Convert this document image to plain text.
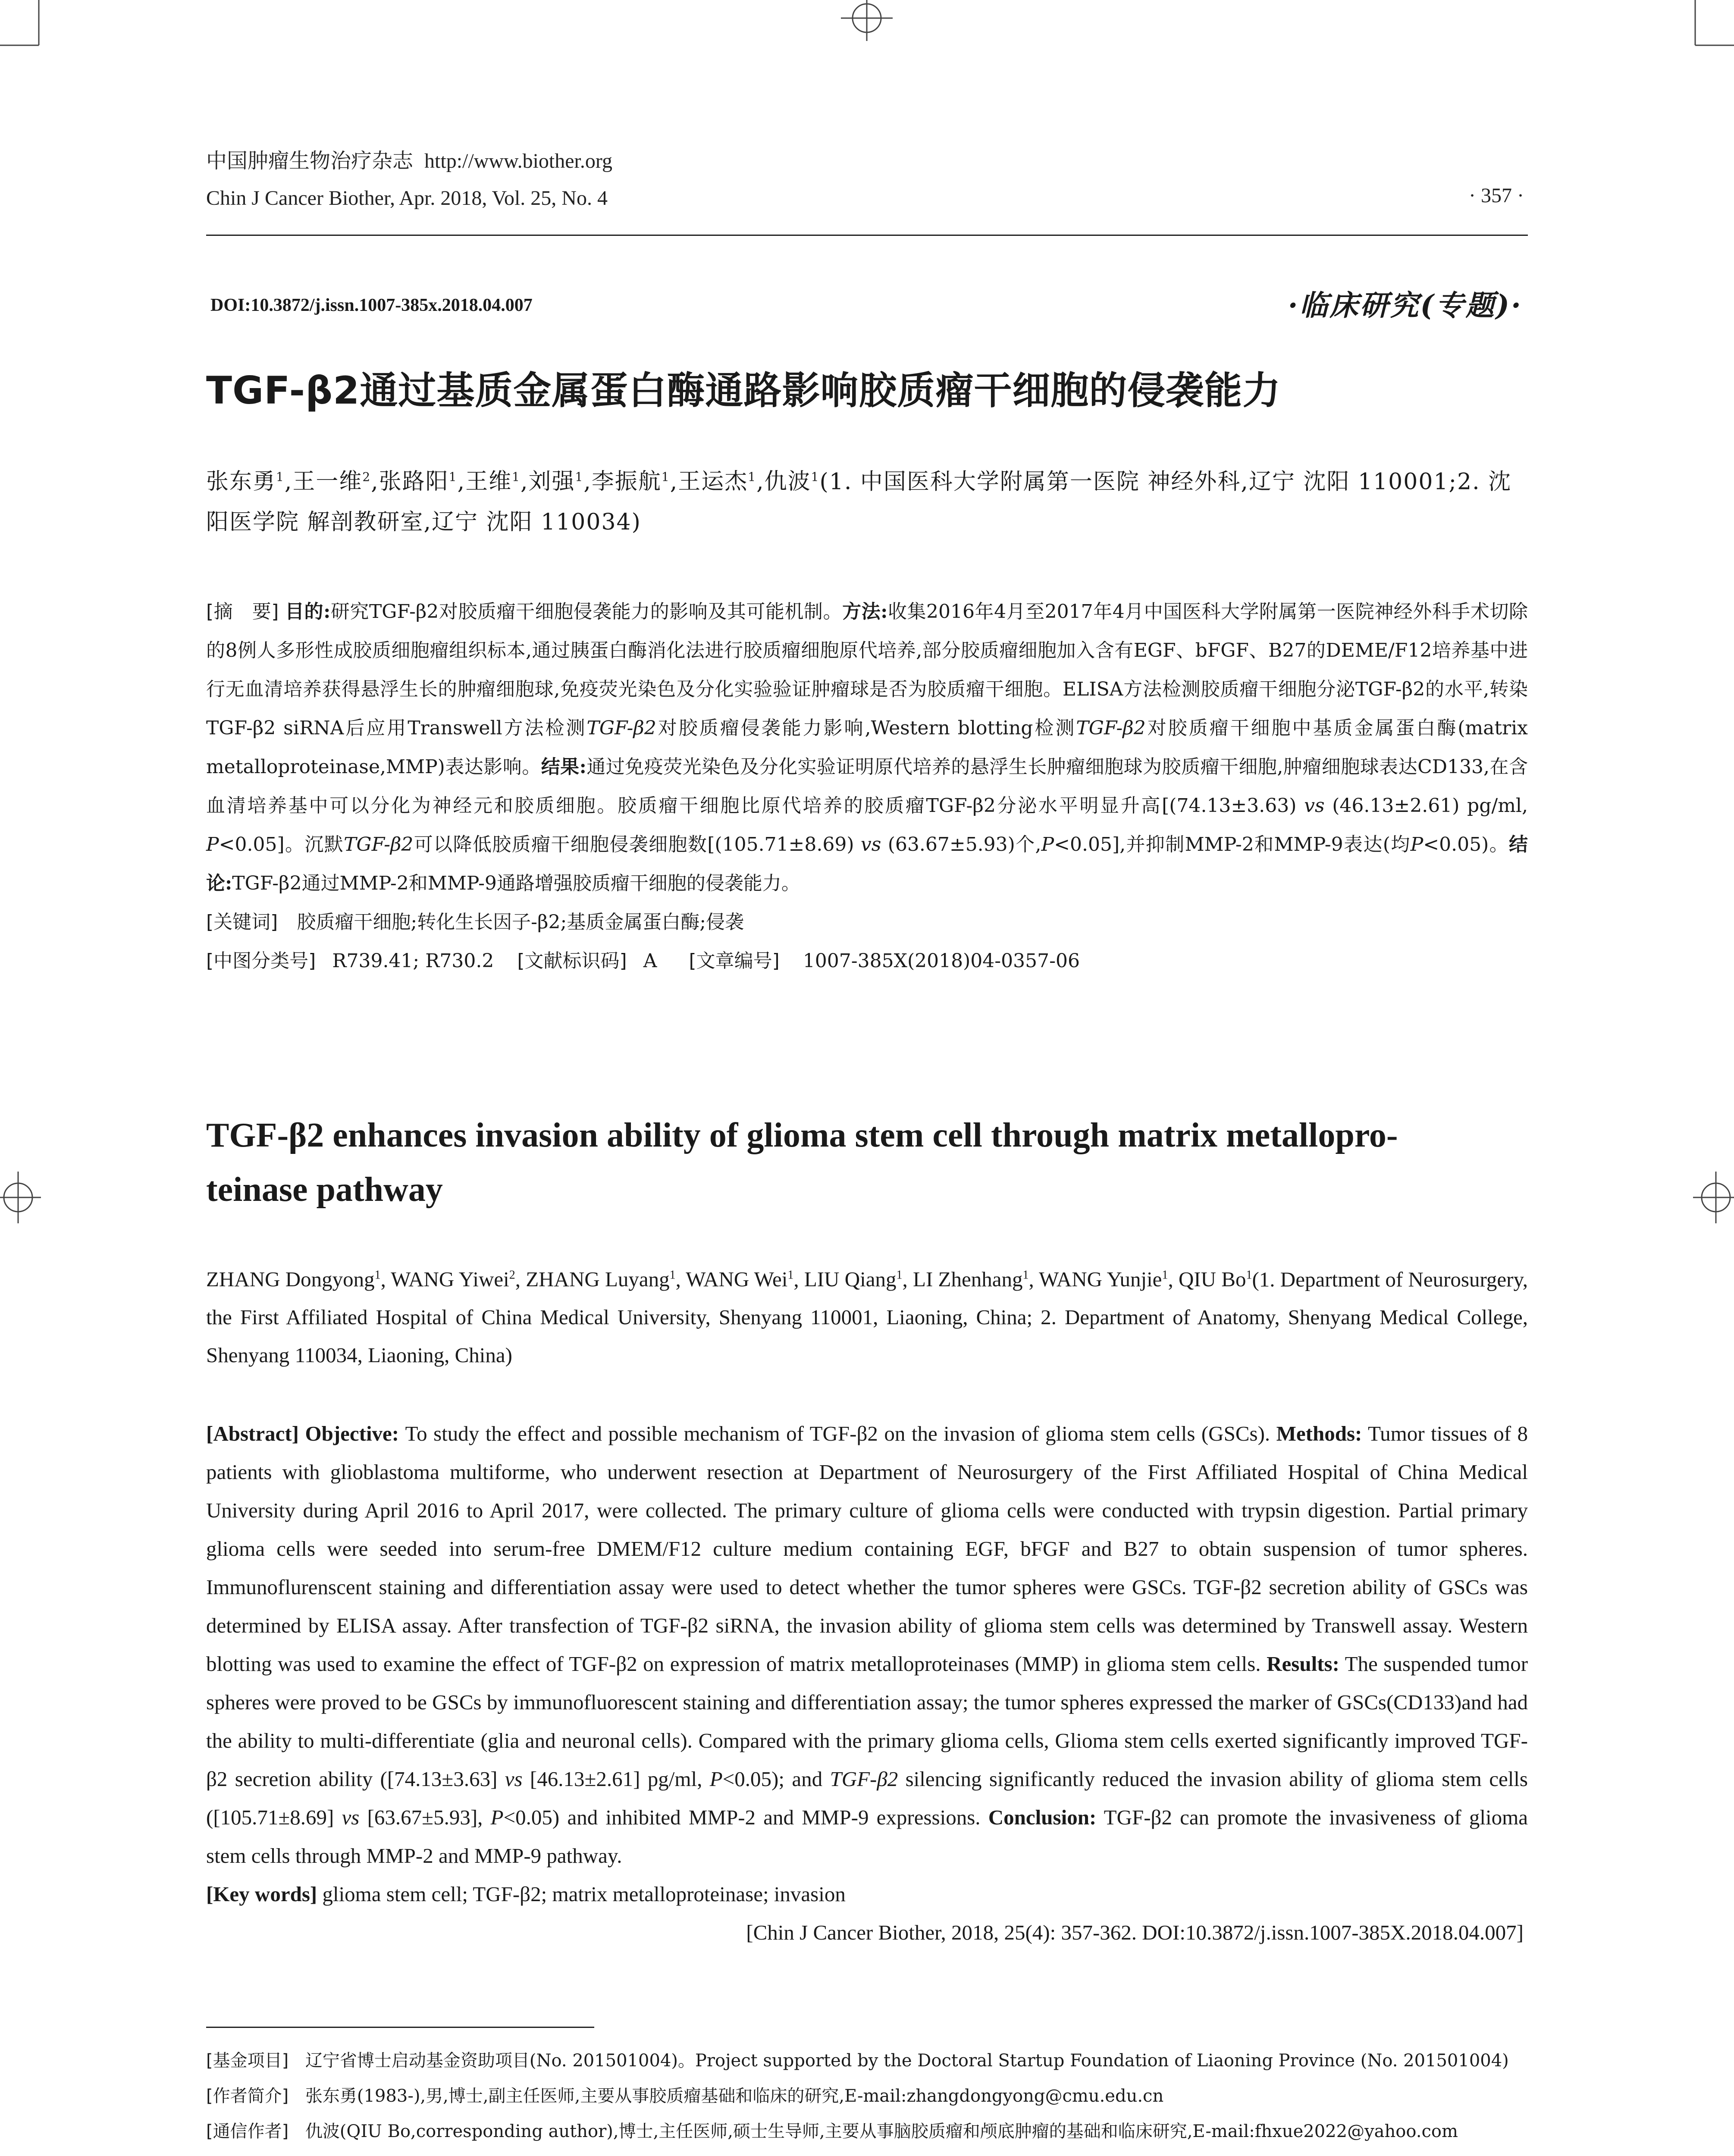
中国肿瘤生物治疗杂志 http://www.biother.org
Chin J Cancer Biother, Apr. 2018, Vol. 25, No. 4	· 357 ·
DOI:10.3872/j.issn.1007-385x.2018.04.007	·临床研究(专题)·
TGF-β2通过基质金属蛋白酶通路影响胶质瘤干细胞的侵袭能力
张东勇$^1$,王一维$^2$,张路阳$^1$,王维$^1$,刘强$^1$,李振航$^1$,王运杰$^1$,仇波$^1$(1. 中国医科大学附属第一医院 神经外科,辽宁 沈阳 110001;2. 沈阳医学院 解剖教研室,辽宁 沈阳 110034)
[摘　要] 目的:研究TGF-β2对胶质瘤干细胞侵袭能力的影响及其可能机制。方法:收集2016年4月至2017年4月中国医科大学附属第一医院神经外科手术切除的8例人多形性成胶质细胞瘤组织标本,通过胰蛋白酶消化法进行胶质瘤细胞原代培养,部分胶质瘤细胞加入含有EGF、bFGF、B27的DEME/F12培养基中进行无血清培养获得悬浮生长的肿瘤细胞球,免疫荧光染色及分化实验验证肿瘤球是否为胶质瘤干细胞。ELISA方法检测胶质瘤干细胞分泌TGF-β2的水平,转染TGF-β2 siRNA后应用Transwell方法检测TGF-β2对胶质瘤侵袭能力影响,Western blotting检测TGF-β2对胶质瘤干细胞中基质金属蛋白酶(matrix metalloproteinase,MMP)表达影响。结果:通过免疫荧光染色及分化实验证明原代培养的悬浮生长肿瘤细胞球为胶质瘤干细胞,肿瘤细胞球表达CD133,在含血清培养基中可以分化为神经元和胶质细胞。胶质瘤干细胞比原代培养的胶质瘤TGF-β2分泌水平明显升高[(74.13±3.63) vs (46.13±2.61) pg/ml, P<0.05]。沉默TGF-β2可以降低胶质瘤干细胞侵袭细胞数[(105.71±8.69) vs (63.67±5.93)个,P<0.05],并抑制MMP-2和MMP-9表达(均P<0.05)。结论:TGF-β2通过MMP-2和MMP-9通路增强胶质瘤干细胞的侵袭能力。
[关键词] 胶质瘤干细胞;转化生长因子-β2;基质金属蛋白酶;侵袭
[中图分类号] R739.41; R730.2 [文献标识码] A [文章编号] 1007-385X(2018)04-0357-06
TGF-β2 enhances invasion ability of glioma stem cell through matrix metallopro-
teinase pathway
ZHANG Dongyong$^1$, WANG Yiwei$^2$, ZHANG Luyang$^1$, WANG Wei$^1$, LIU Qiang$^1$, LI Zhenhang$^1$, WANG Yunjie$^1$, QIU Bo$^1$(1. Department of Neurosurgery, the First Affiliated Hospital of China Medical University, Shenyang 110001, Liaoning, China; 2. Department of Anatomy, Shenyang Medical College, Shenyang 110034, Liaoning, China)
[Abstract] Objective: To study the effect and possible mechanism of TGF-β2 on the invasion of glioma stem cells (GSCs). Methods: Tumor tissues of 8 patients with glioblastoma multiforme, who underwent resection at Department of Neurosurgery of the First Affiliated Hospital of China Medical University during April 2016 to April 2017, were collected. The primary culture of glioma cells were conducted with trypsin digestion. Partial primary glioma cells were seeded into serum-free DMEM/F12 culture medium containing EGF, bFGF and B27 to obtain suspension of tumor spheres. Immunoflurenscent staining and differentiation assay were used to detect whether the tumor spheres were GSCs. TGF-β2 secretion ability of GSCs was determined by ELISA assay. After transfection of TGF-β2 siRNA, the invasion ability of glioma stem cells was determined by Transwell assay. Western blotting was used to examine the effect of TGF-β2 on expression of matrix metalloproteinases (MMP) in glioma stem cells. Results: The suspended tumor spheres were proved to be GSCs by immunofluorescent staining and differentiation assay; the tumor spheres expressed the marker of GSCs(CD133)and had the ability to multi-differentiate (glia and neuronal cells). Compared with the primary glioma cells, Glioma stem cells exerted significantly improved TGF-β2 secretion ability ([74.13±3.63] vs [46.13±2.61] pg/ml, P<0.05); and TGF-β2 silencing significantly reduced the invasion ability of glioma stem cells ([105.71±8.69] vs [63.67±5.93], P<0.05) and inhibited MMP-2 and MMP-9 expressions. Conclusion: TGF-β2 can promote the invasiveness of glioma stem cells through MMP-2 and MMP-9 pathway.
[Key words] glioma stem cell; TGF-β2; matrix metalloproteinase; invasion
[Chin J Cancer Biother, 2018, 25(4): 357-362. DOI:10.3872/j.issn.1007-385X.2018.04.007]
[基金项目] 辽宁省博士启动基金资助项目(No. 201501004)。Project supported by the Doctoral Startup Foundation of Liaoning Province (No. 201501004)
[作者简介] 张东勇(1983-),男,博士,副主任医师,主要从事胶质瘤基础和临床的研究,E-mail:zhangdongyong@cmu.edu.cn
[通信作者] 仇波(QIU Bo,corresponding author),博士,主任医师,硕士生导师,主要从事脑胶质瘤和颅底肿瘤的基础和临床研究,E-mail:fhxue2022@yahoo.com
